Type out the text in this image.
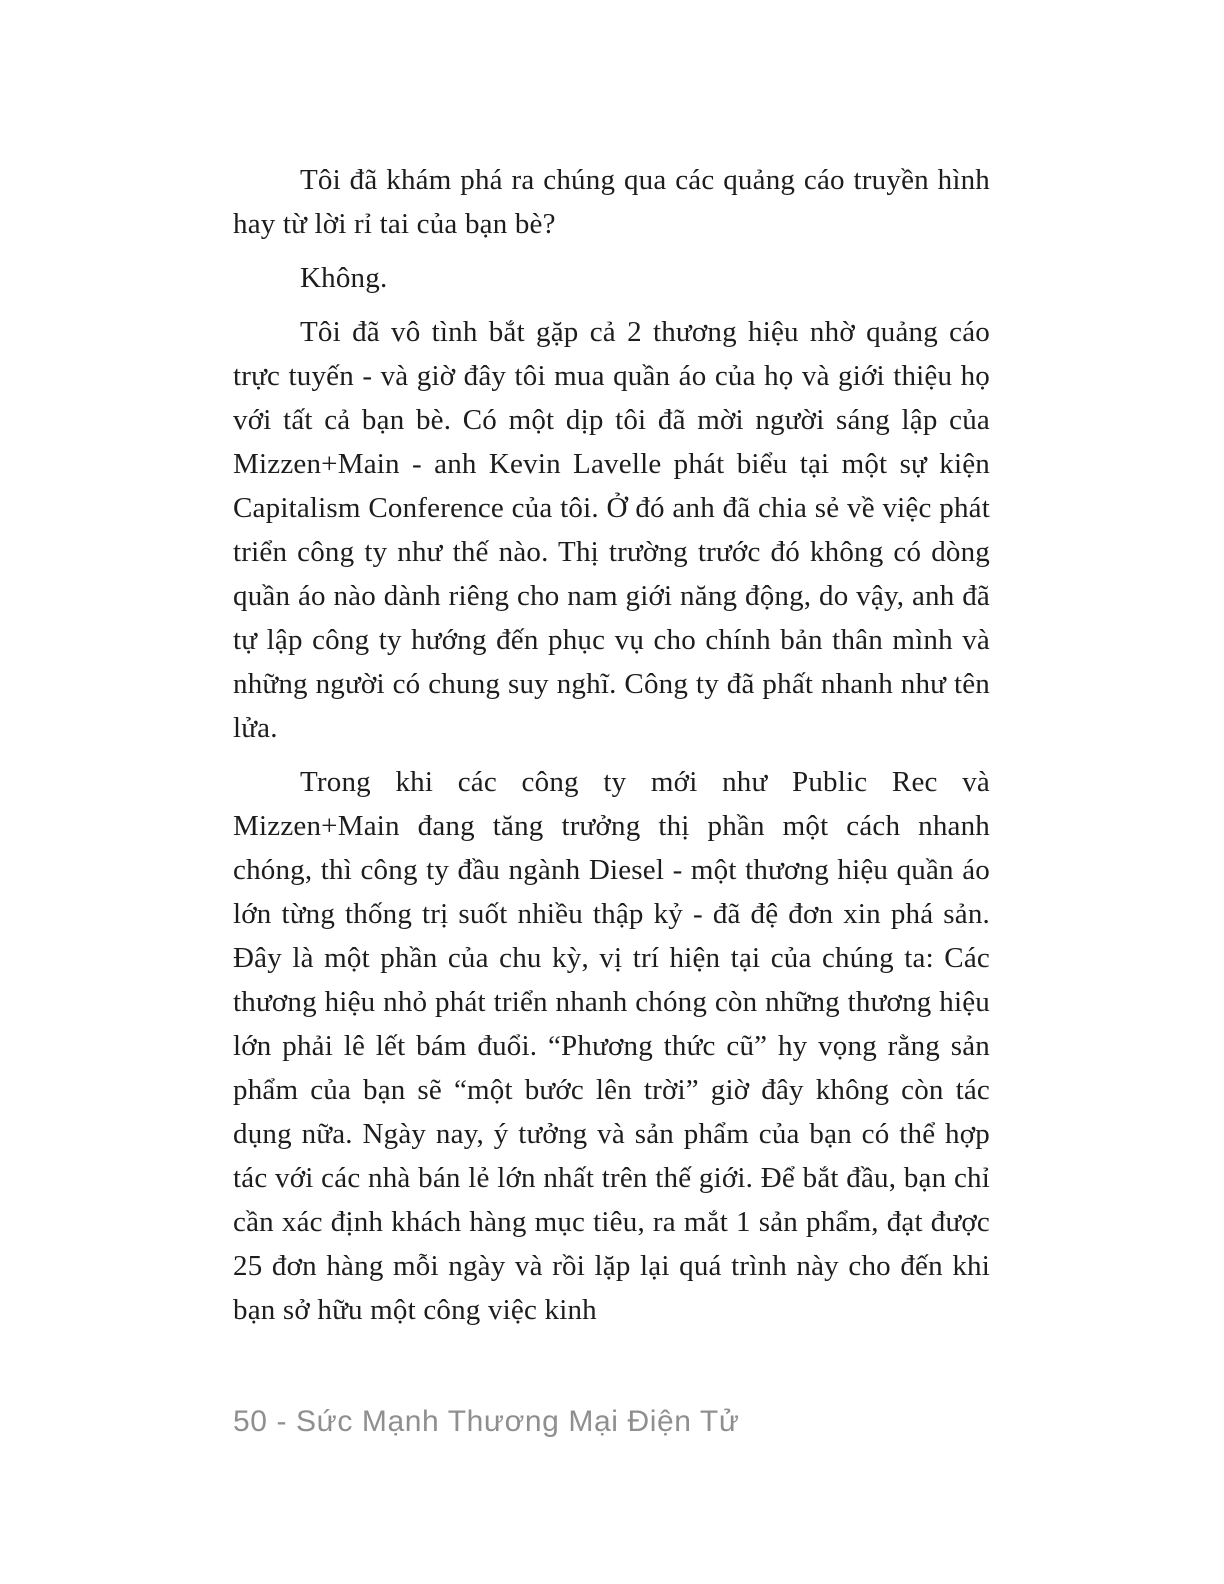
Tôi đã khám phá ra chúng qua các quảng cáo truyền hình hay từ lời rỉ tai của bạn bè?

Không.

Tôi đã vô tình bắt gặp cả 2 thương hiệu nhờ quảng cáo trực tuyến - và giờ đây tôi mua quần áo của họ và giới thiệu họ với tất cả bạn bè. Có một dịp tôi đã mời người sáng lập của Mizzen+Main - anh Kevin Lavelle phát biểu tại một sự kiện Capitalism Conference của tôi. Ở đó anh đã chia sẻ về việc phát triển công ty như thế nào. Thị trường trước đó không có dòng quần áo nào dành riêng cho nam giới năng động, do vậy, anh đã tự lập công ty hướng đến phục vụ cho chính bản thân mình và những người có chung suy nghĩ. Công ty đã phất nhanh như tên lửa.

Trong khi các công ty mới như Public Rec và Mizzen+Main đang tăng trưởng thị phần một cách nhanh chóng, thì công ty đầu ngành Diesel - một thương hiệu quần áo lớn từng thống trị suốt nhiều thập kỷ - đã đệ đơn xin phá sản. Đây là một phần của chu kỳ, vị trí hiện tại của chúng ta: Các thương hiệu nhỏ phát triển nhanh chóng còn những thương hiệu lớn phải lê lết bám đuổi. “Phương thức cũ” hy vọng rằng sản phẩm của bạn sẽ “một bước lên trời” giờ đây không còn tác dụng nữa. Ngày nay, ý tưởng và sản phẩm của bạn có thể hợp tác với các nhà bán lẻ lớn nhất trên thế giới. Để bắt đầu, bạn chỉ cần xác định khách hàng mục tiêu, ra mắt 1 sản phẩm, đạt được 25 đơn hàng mỗi ngày và rồi lặp lại quá trình này cho đến khi bạn sở hữu một công việc kinh

50 - Sức Mạnh Thương Mại Điện Tử
